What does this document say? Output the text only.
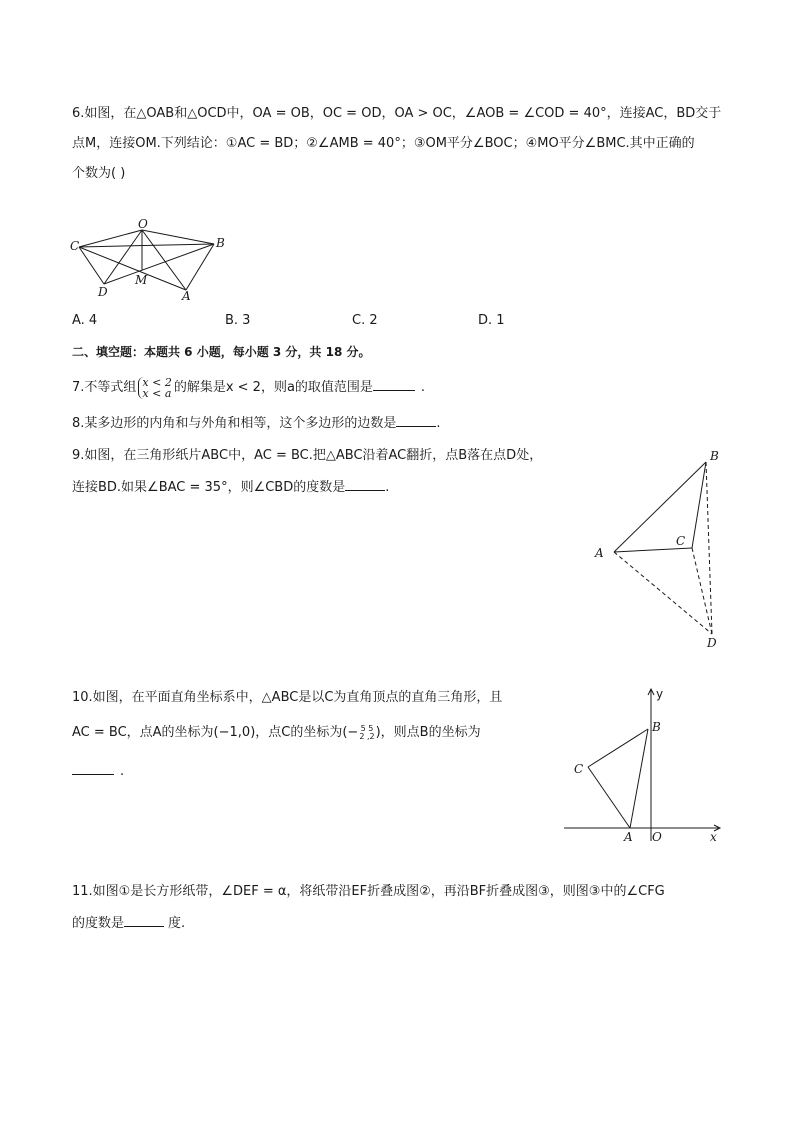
6.如图，在△OAB和△OCD中，OA = OB，OC = OD，OA > OC，∠AOB = ∠COD = 40°，连接AC，BD交于
点M，连接OM.下列结论：①AC = BD；②∠AMB = 40°；③OM平分∠BOC；④MO平分∠BMC.其中正确的
个数为( )
O
B
C
D
M
A
A. 4	B. 3	C. 2	D. 1
二、填空题：本题共 6 小题，每小题 3 分，共 18 分。
7.不等式组 x < 2
x < a 的解集是x < 2，则a的取值范围是	.
8.某多边形的内角和与外角和相等，这个多边形的边数是	.
9.如图，在三角形纸片ABC中，AC = BC.把△ABC沿着AC翻折，点B落在点D处，
连接BD.如果∠BAC = 35°，则∠CBD的度数是	.
A
B
C
D
10.如图，在平面直角坐标系中，△ABC是以C为直角顶点的直角三角形，且
AC = BC，点A的坐标为(−1,0)，点C的坐标为(− 5 5
2 ,2)，则点B的坐标为
.
y
x
B
C
A O
11.如图①是长方形纸带，∠DEF = α，将纸带沿EF折叠成图②，再沿BF折叠成图③，则图③中的∠CFG
的度数是	度.
